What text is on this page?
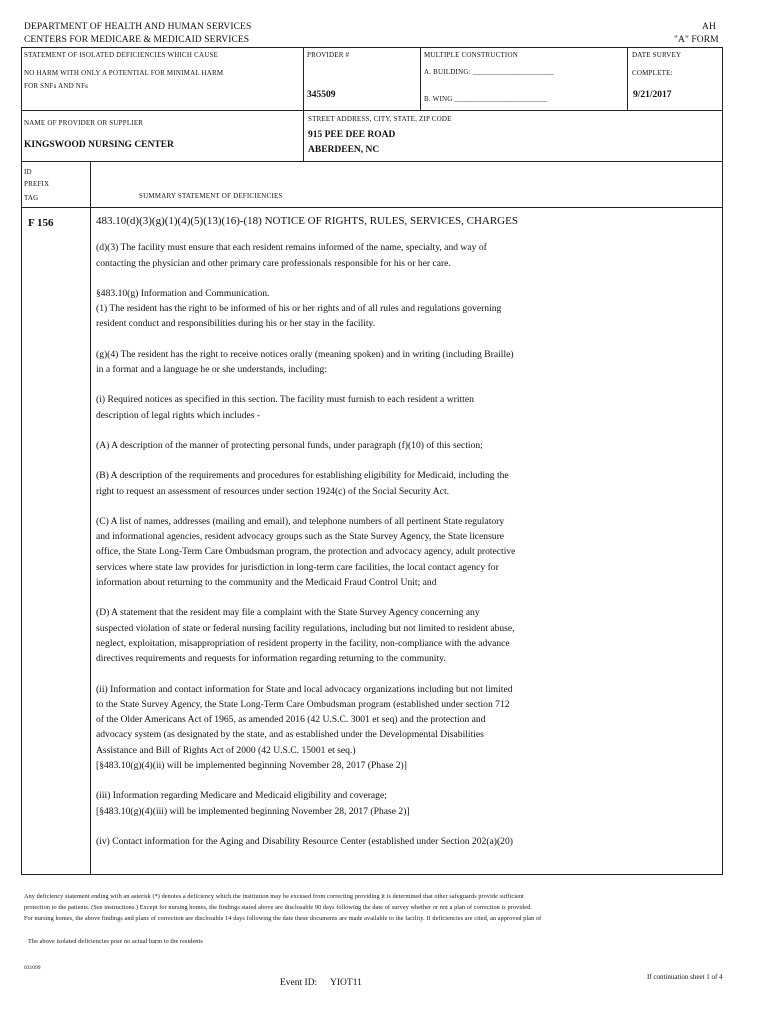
DEPARTMENT OF HEALTH AND HUMAN SERVICES
CENTERS FOR MEDICARE & MEDICAID SERVICES
AH
"A" FORM
STATEMENT OF ISOLATED DEFICIENCIES WHICH CAUSE
NO HARM WITH ONLY A POTENTIAL FOR MINIMAL HARM
FOR SNFs AND NFs
PROVIDER #
345509
MULTIPLE CONSTRUCTION
A. BUILDING: ______________________
B. WING _________________________
DATE SURVEY
COMPLETE:
9/21/2017
NAME OF PROVIDER OR SUPPLIER
KINGSWOOD NURSING CENTER
STREET ADDRESS, CITY, STATE, ZIP CODE
915 PEE DEE ROAD
ABERDEEN, NC
ID
PREFIX
TAG	SUMMARY STATEMENT OF DEFICIENCIES
F 156	483.10(d)(3)(g)(1)(4)(5)(13)(16)-(18) NOTICE OF RIGHTS, RULES, SERVICES, CHARGES
(d)(3) The facility must ensure that each resident remains informed of the name, specialty, and way of
contacting the physician and other primary care professionals responsible for his or her care.
§483.10(g) Information and Communication.
(1) The resident has the right to be informed of his or her rights and of all rules and regulations governing
resident conduct and responsibilities during his or her stay in the facility.
(g)(4) The resident has the right to receive notices orally (meaning spoken) and in writing (including Braille)
in a format and a language he or she understands, including:
(i) Required notices as specified in this section. The facility must furnish to each resident a written
description of legal rights which includes -
(A) A description of the manner of protecting personal funds, under paragraph (f)(10) of this section;
(B) A description of the requirements and procedures for establishing eligibility for Medicaid, including the
right to request an assessment of resources under section 1924(c) of the Social Security Act.
(C) A list of names, addresses (mailing and email), and telephone numbers of all pertinent State regulatory
and informational agencies, resident advocacy groups such as the State Survey Agency, the State licensure
office, the State Long-Term Care Ombudsman program, the protection and advocacy agency, adult protective
services where state law provides for jurisdiction in long-term care facilities, the local contact agency for
information about returning to the community and the Medicaid Fraud Control Unit; and
(D) A statement that the resident may file a complaint with the State Survey Agency concerning any
suspected violation of state or federal nursing facility regulations, including but not limited to resident abuse,
neglect, exploitation, misappropriation of resident property in the facility, non-compliance with the advance
directives requirements and requests for information regarding returning to the community.
(ii) Information and contact information for State and local advocacy organizations including but not limited
to the State Survey Agency, the State Long-Term Care Ombudsman program (established under section 712
of the Older Americans Act of 1965, as amended 2016 (42 U.S.C. 3001 et seq) and the protection and
advocacy system (as designated by the state, and as established under the Developmental Disabilities
Assistance and Bill of Rights Act of 2000 (42 U.S.C. 15001 et seq.)
[§483.10(g)(4)(ii) will be implemented beginning November 28, 2017 (Phase 2)]
(iii) Information regarding Medicare and Medicaid eligibility and coverage;
[§483.10(g)(4)(iii) will be implemented beginning November 28, 2017 (Phase 2)]
(iv) Contact information for the Aging and Disability Resource Center (established under Section 202(a)(20)
Any deficiency statement ending with an asterisk (*) denotes a deficiency which the institution may be excused from correcting providing it is determined that other safeguards provide sufficient
protection to the patients. (See instructions.) Except for nursing homes, the findings stated above are disclosable 90 days following the date of survey whether or not a plan of correction is provided.
For nursing homes, the above findings and plans of correction are disclosable 14 days following the date these documents are made available to the facility. If deficiencies are cited, an approved plan of
The above isolated deficiencies pose no actual harm to the residents
031099
Event ID: YIOT11
If continuation sheet 1 of 4
